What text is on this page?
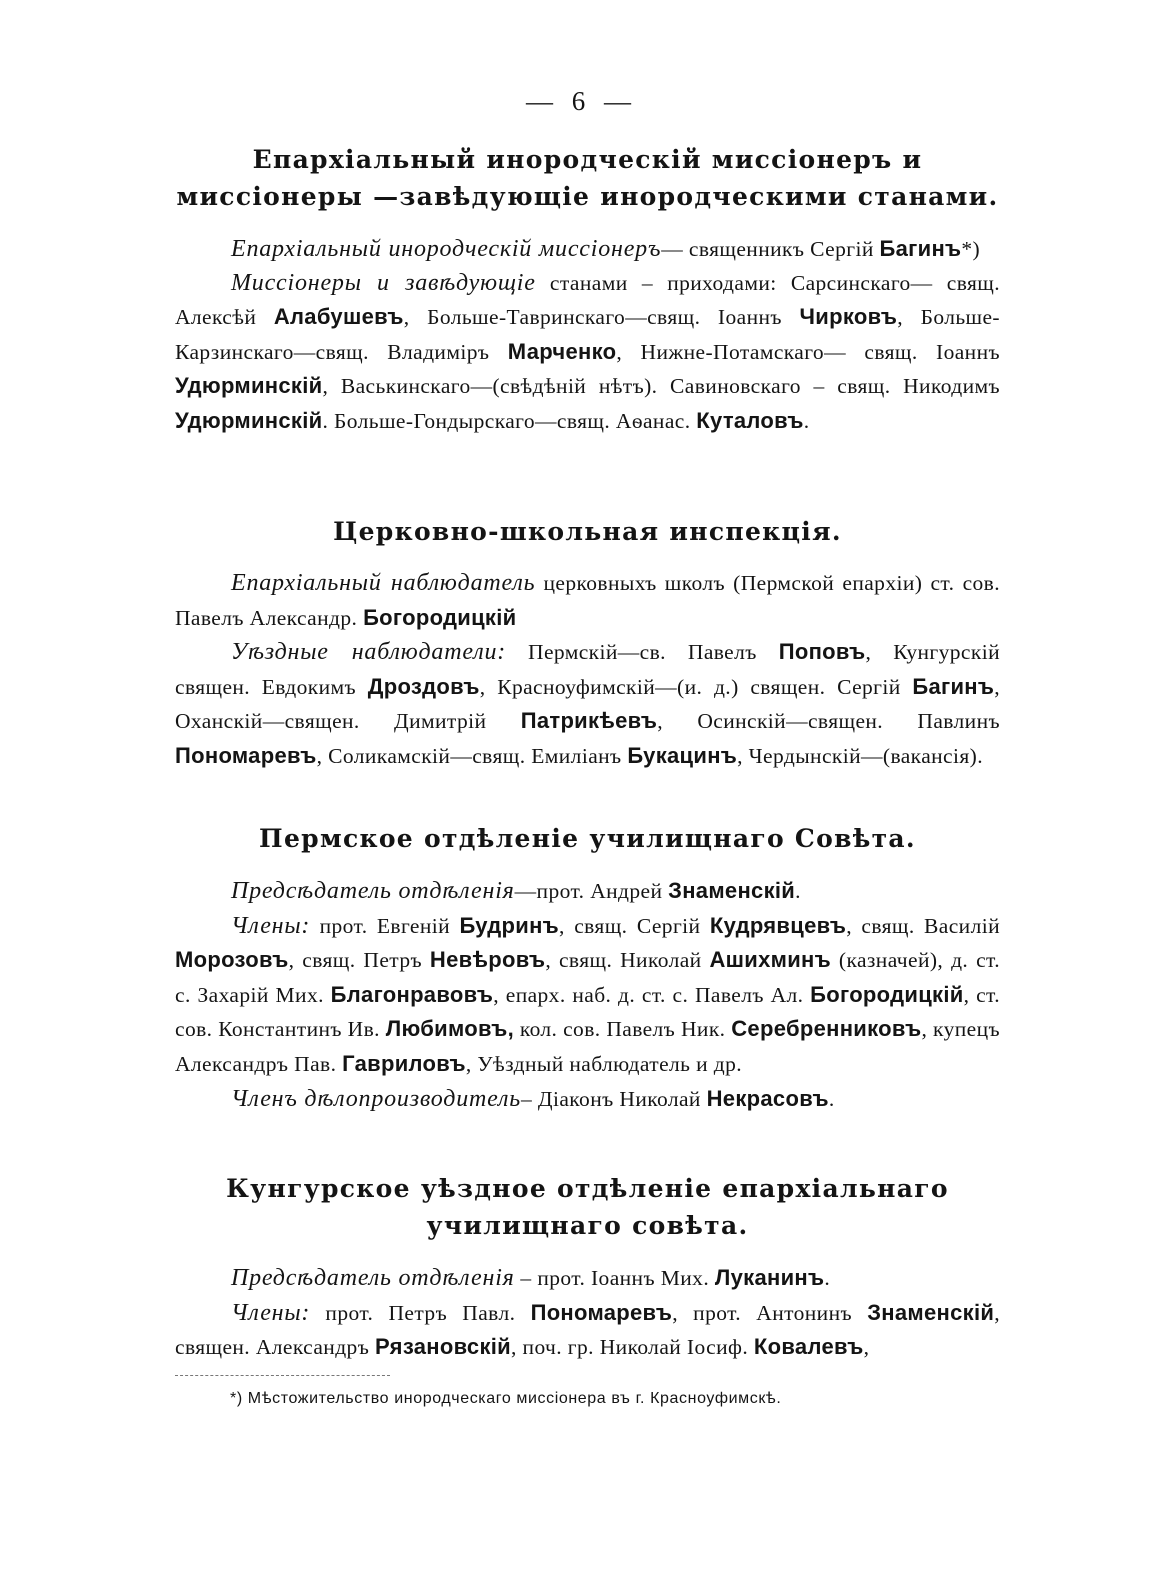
— 6 —
Епархіальный инородческій миссіонеръ и миссіонеры —завѣдующіе инородческими станами.

Епархіальный инородческій миссіонеръ— священникъ Сергій Багинъ*)

Миссіонеры и завѣдующіе станами – приходами: Сарсинскаго— свящ. Алексѣй Алабушевъ, Больше-Тавринскаго—свящ. Іоаннъ Чирковъ, Больше-Карзинскаго—свящ. Владиміръ Марченко, Нижне-Потамскаго— свящ. Іоаннъ Удюрминскій, Васькинскаго—(свѣдѣній нѣтъ). Савиновскаго – свящ. Никодимъ Удюрминскій. Больше-Гондырскаго—свящ. Аѳанас. Куталовъ.

Церковно-школьная инспекція.

Епархіальный наблюдатель церковныхъ школъ (Пермской епархіи) ст. сов. Павелъ Александр. Богородицкій

Уѣздные наблюдатели: Пермскій—св. Павелъ Поповъ, Кунгурскій священ. Евдокимъ Дроздовъ, Красноуфимскій—(и. д.) священ. Сергій Багинъ, Оханскій—священ. Димитрій Патрикѣевъ, Осинскій—священ. Павлинъ Пономаревъ, Соликамскій—свящ. Емиліанъ Букацинъ, Чердынскій—(вакансія).

Пермское отдѣленіе училищнаго Совѣта.

Предсѣдатель отдѣленія—прот. Андрей Знаменскій.

Члены: прот. Евгеній Будринъ, свящ. Сергій Кудрявцевъ, свящ. Василій Морозовъ, свящ. Петръ Невѣровъ, свящ. Николай Ашихминъ (казначей), д. ст. с. Захарій Мих. Благонравовъ, епарх. наб. д. ст. с. Павелъ Ал. Богородицкій, ст. сов. Константинъ Ив. Любимовъ, кол. сов. Павелъ Ник. Серебренниковъ, купецъ Александръ Пав. Гавриловъ, Уѣздный наблюдатель и др.

Членъ дѣлопроизводитель– Діаконъ Николай Некрасовъ.

Кунгурское уѣздное отдѣленіе епархіальнаго училищнаго совѣта.

Предсѣдатель отдѣленія – прот. Іоаннъ Мих. Луканинъ.

Члены: прот. Петръ Павл. Пономаревъ, прот. Антонинъ Знаменскій, священ. Александръ Рязановскій, поч. гр. Николай Іосиф. Ковалевъ,

*) Мѣстожительство инородческаго миссіонера въ г. Красноуфимскѣ.
